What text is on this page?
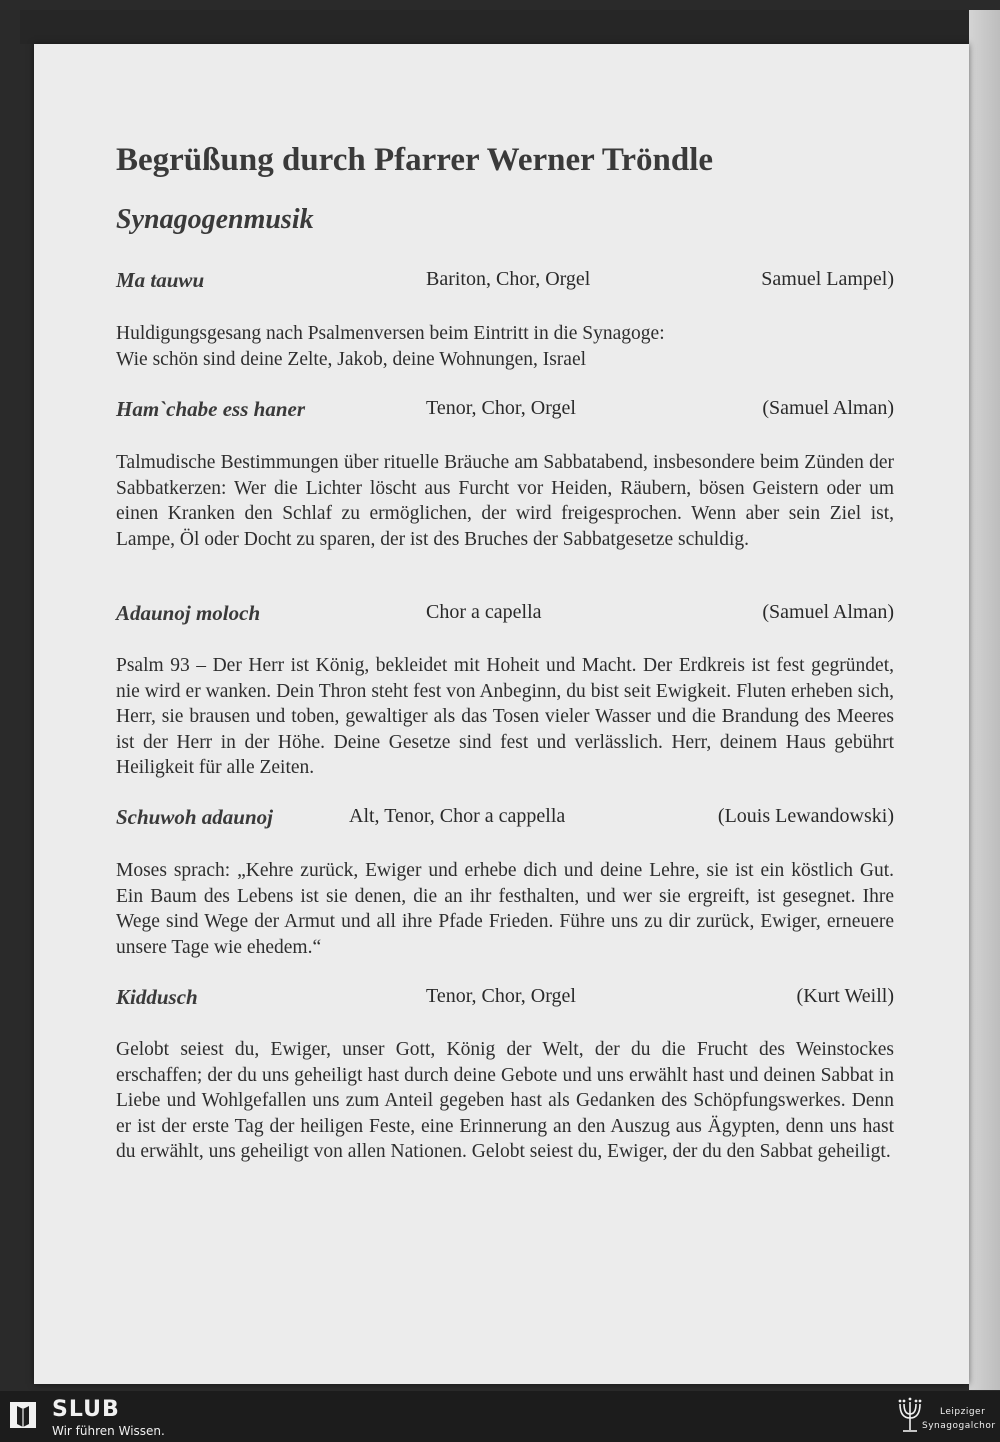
Begrüßung durch Pfarrer Werner Tröndle
Synagogenmusik
Ma tauwu	Bariton, Chor, Orgel	Samuel Lampel)

Huldigungsgesang nach Psalmenversen beim Eintritt in die Synagoge:
Wie schön sind deine Zelte, Jakob, deine Wohnungen, Israel

Ham`chabe ess haner	Tenor, Chor, Orgel	(Samuel Alman)

Talmudische Bestimmungen über rituelle Bräuche am Sabbatabend, insbesondere beim Zünden der Sabbatkerzen: Wer die Lichter löscht aus Furcht vor Heiden, Räubern, bösen Geistern oder um einen Kranken den Schlaf zu ermöglichen, der wird freigesprochen. Wenn aber sein Ziel ist, Lampe, Öl oder Docht zu sparen, der ist des Bruches der Sabbatgesetze schuldig.

Adaunoj moloch	Chor a capella	(Samuel Alman)

Psalm 93 – Der Herr ist König, bekleidet mit Hoheit und Macht. Der Erdkreis ist fest gegründet, nie wird er wanken. Dein Thron steht fest von Anbeginn, du bist seit Ewigkeit. Fluten erheben sich, Herr, sie brausen und toben, gewaltiger als das Tosen vieler Wasser und die Brandung des Meeres ist der Herr in der Höhe. Deine Gesetze sind fest und verlässlich. Herr, deinem Haus gebührt Heiligkeit für alle Zeiten.

Schuwoh adaunoj	Alt, Tenor, Chor a cappella	(Louis Lewandowski)

Moses sprach: „Kehre zurück, Ewiger und erhebe dich und deine Lehre, sie ist ein köstlich Gut. Ein Baum des Lebens ist sie denen, die an ihr festhalten, und wer sie ergreift, ist gesegnet. Ihre Wege sind Wege der Armut und all ihre Pfade Frieden. Führe uns zu dir zurück, Ewiger, erneuere unsere Tage wie ehedem.“

Kiddusch	Tenor, Chor, Orgel	(Kurt Weill)

Gelobt seiest du, Ewiger, unser Gott, König der Welt, der du die Frucht des Weinstockes erschaffen; der du uns geheiligt hast durch deine Gebote und uns erwählt hast und deinen Sabbat in Liebe und Wohlgefallen uns zum Anteil gegeben hast als Gedanken des Schöpfungswerkes. Denn er ist der erste Tag der heiligen Feste, eine Erinnerung an den Auszug aus Ägypten, denn uns hast du erwählt, uns geheiligt von allen Nationen. Gelobt seiest du, Ewiger, der du den Sabbat geheiligt.

SLUB
Wir führen Wissen.
Leipziger
Synagogalchor
